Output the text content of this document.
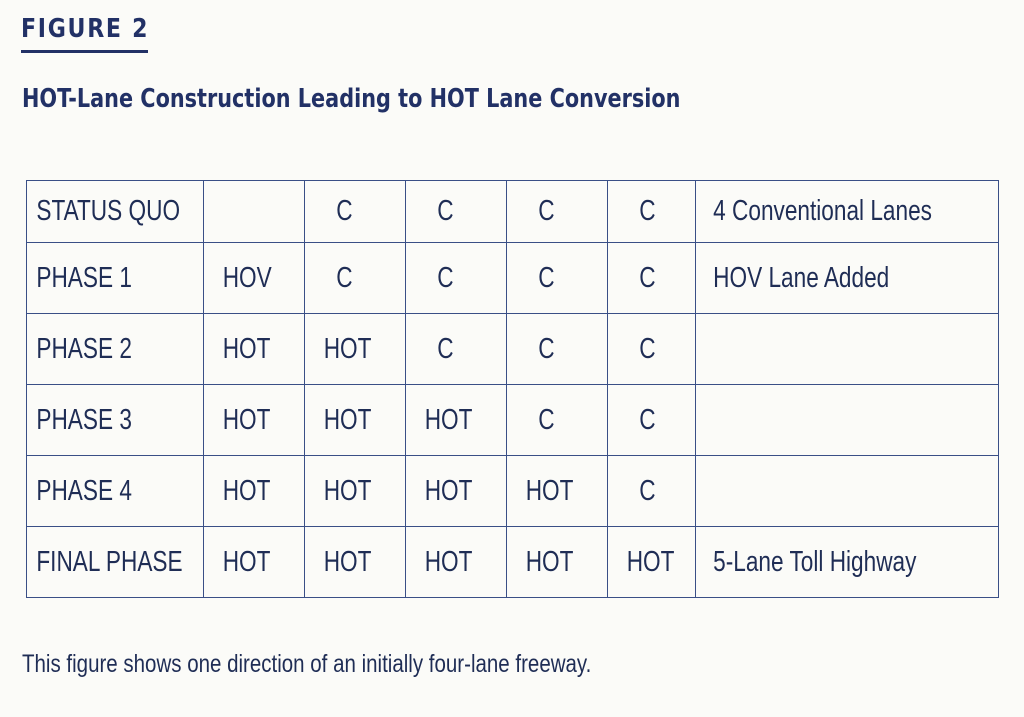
FIGURE 2
HOT-Lane Construction Leading to HOT Lane Conversion
STATUS QUO		C	C	C	C	4 Conventional Lanes
PHASE 1	HOV	C	C	C	C	HOV Lane Added
PHASE 2	HOT	HOT	C	C	C	
PHASE 3	HOT	HOT	HOT	C	C	
PHASE 4	HOT	HOT	HOT	HOT	C	
FINAL PHASE	HOT	HOT	HOT	HOT	HOT	5-Lane Toll Highway
This figure shows one direction of an initially four-lane freeway.
